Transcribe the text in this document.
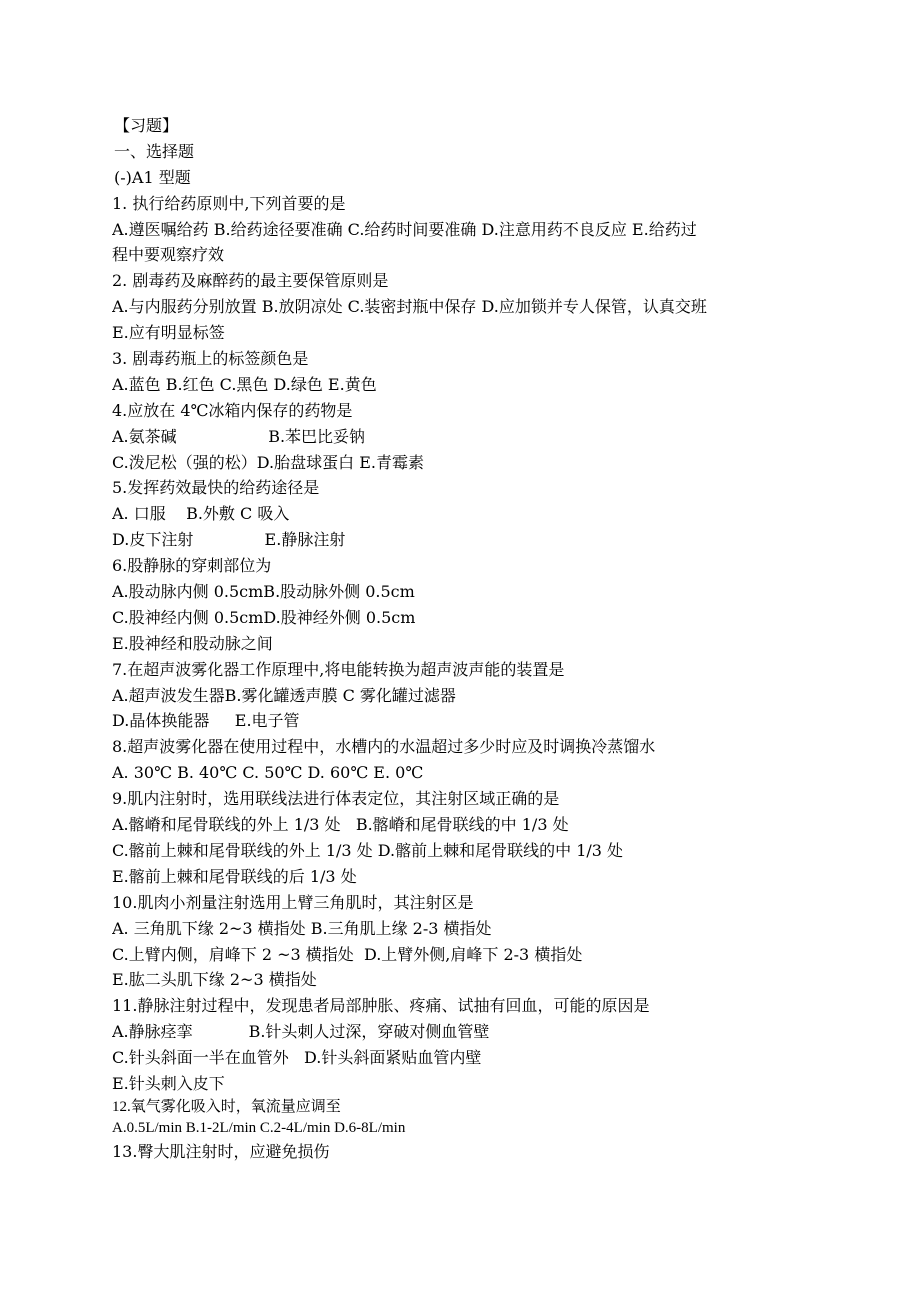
【习题】
一、选择题
(-)A1 型题
1. 执行给药原则中,下列首要的是
A.遵医嘱给药 B.给药途径要准确 C.给药时间要准确 D.注意用药不良反应 E.给药过
程中要观察疗效
2. 剧毒药及麻醉药的最主要保管原则是
A.与内服药分别放置 B.放阴凉处 C.装密封瓶中保存 D.应加锁并专人保管，认真交班
E.应有明显标签
3. 剧毒药瓶上的标签颜色是
A.蓝色 B.红色 C.黑色 D.绿色 E.黄色
4.应放在 4℃冰箱内保存的药物是
A.氨茶碱                  B.苯巴比妥钠
C.泼尼松（强的松）D.胎盘球蛋白 E.青霉素
5.发挥药效最快的给药途径是
A. 口服    B.外敷 C 吸入
D.皮下注射              E.静脉注射
6.股静脉的穿刺部位为
A.股动脉内侧 0.5cmB.股动脉外侧 0.5cm
C.股神经内侧 0.5cmD.股神经外侧 0.5cm
E.股神经和股动脉之间
7.在超声波雾化器工作原理中,将电能转换为超声波声能的装置是
A.超声波发生器B.雾化罐透声膜 C 雾化罐过滤器
D.晶体换能器     E.电子管
8.超声波雾化器在使用过程中，水槽内的水温超过多少时应及时调换冷蒸馏水
A. 30℃ B. 40℃ C. 50℃ D. 60℃ E. 0℃
9.肌内注射时，选用联线法进行体表定位，其注射区域正确的是
A.髂嵴和尾骨联线的外上 1/3 处   B.髂嵴和尾骨联线的中 1/3 处
C.髂前上棘和尾骨联线的外上 1/3 处 D.髂前上棘和尾骨联线的中 1/3 处
E.髂前上棘和尾骨联线的后 1/3 处
10.肌肉小剂量注射选用上臂三角肌时，其注射区是
A. 三角肌下缘 2~3 横指处 B.三角肌上缘 2-3 横指处
C.上臂内侧，肩峰下 2 ~3 横指处  D.上臂外侧,肩峰下 2-3 横指处
E.肱二头肌下缘 2~3 横指处
11.静脉注射过程中，发现患者局部肿胀、疼痛、试抽有回血，可能的原因是
A.静脉痉挛           B.针头刺人过深，穿破对侧血管壁
C.针头斜面一半在血管外   D.针头斜面紧贴血管内壁
E.针头刺入皮下
12.氧气雾化吸入时，氧流量应调至
A.0.5L/min B.1-2L/min C.2-4L/min D.6-8L/min
13.臀大肌注射时，应避免损伤
